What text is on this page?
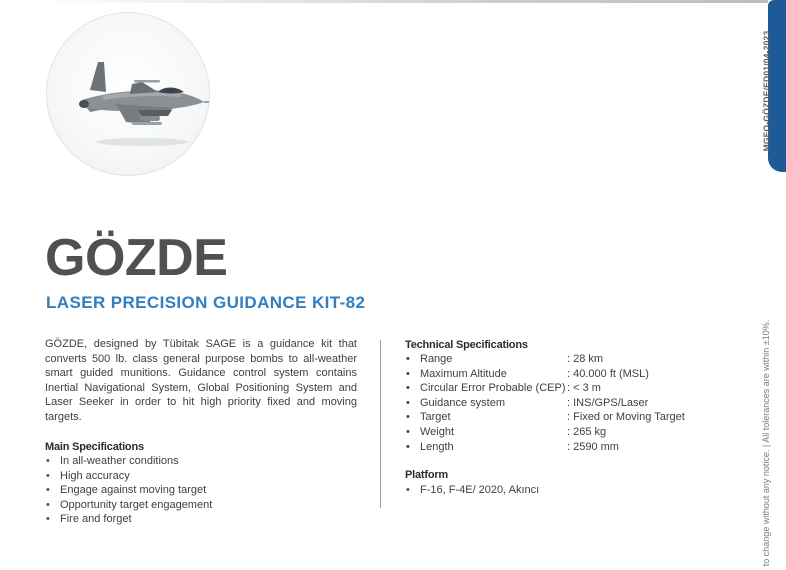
MGEO-GÖZDE/ED01/04-2023
to change without any notice. | All tolerances are within ±10%.
GÖZDE
LASER PRECISION GUIDANCE KIT-82

GÖZDE, designed by Tübitak SAGE is a guidance kit that converts 500 lb. class general purpose bombs to all-weather smart guided munitions. Guidance control system contains Inertial Navigational System, Global Positioning System and Laser Seeker in order to hit high priority fixed and moving targets.

Main Specifications
• In all-weather conditions
• High accuracy
• Engage against moving target
• Opportunity target engagement
• Fire and forget
Technical Specifications
• Range	: 28 km
• Maximum Altitude	: 40.000 ft (MSL)
• Circular Error Probable (CEP) : < 3 m
• Guidance system	: INS/GPS/Laser
• Target	: Fixed or Moving Target
• Weight	: 265 kg
• Length	: 2590 mm
Platform
• F-16, F-4E/ 2020, Akıncı
